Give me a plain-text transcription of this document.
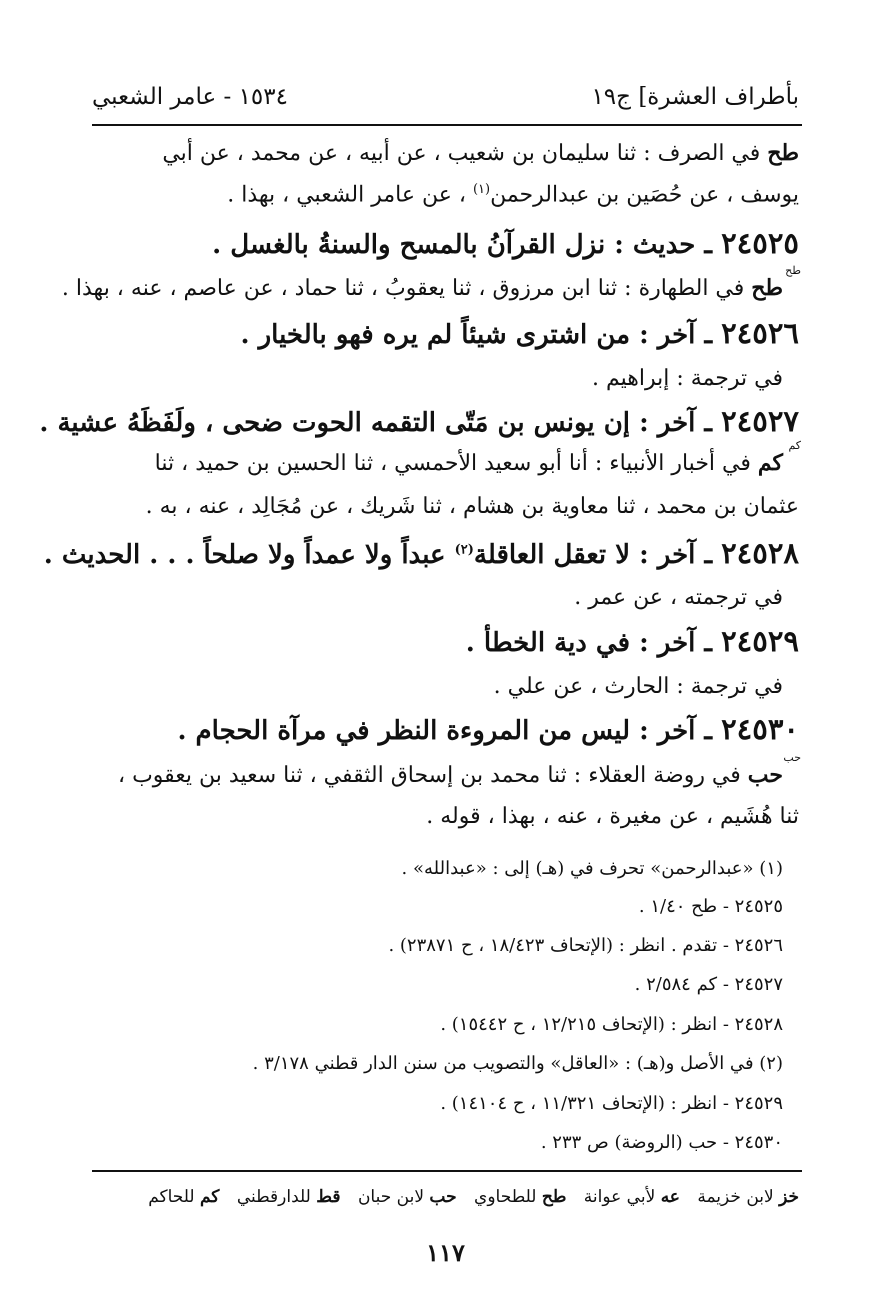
بأطراف العشرة] ج١٩
١٥٣٤ - عامر الشعبي
طح في الصرف : ثنا سليمان بن شعيب ، عن أبيه ، عن محمد ، عن أبي
يوسف ، عن حُصَين بن عبدالرحمن$^{(١)}$ ، عن عامر الشعبي ، بهذا .
٢٤٥٢٥ ـ حديث : نزل القرآنُ بالمسح والسنةُ بالغسل .
طح
طح في الطهارة : ثنا ابن مرزوق ، ثنا يعقوبُ ، ثنا حماد ، عن عاصم ، عنه ، بهذا .
٢٤٥٢٦ ـ آخر : من اشترى شيئاً لم يره فهو بالخيار .
في ترجمة : إبراهيم .
٢٤٥٢٧ ـ آخر : إن يونس بن مَتّى التقمه الحوت ضحى ، ولَفَظَهُ عشية .
كم
كم في أخبار الأنبياء : أنا أبو سعيد الأحمسي ، ثنا الحسين بن حميد ، ثنا
عثمان بن محمد ، ثنا معاوية بن هشام ، ثنا شَريك ، عن مُجَالِد ، عنه ، به .
٢٤٥٢٨ ـ آخر : لا تعقل العاقلة$^{(٢)}$ عبداً ولا عمداً ولا صلحاً . . . الحديث .
في ترجمته ، عن عمر .
٢٤٥٢٩ ـ آخر : في دية الخطأ .
في ترجمة : الحارث ، عن علي .
٢٤٥٣٠ ـ آخر : ليس من المروءة النظر في مرآة الحجام .
حب
حب في روضة العقلاء : ثنا محمد بن إسحاق الثقفي ، ثنا سعيد بن يعقوب ،
ثنا هُشَيم ، عن مغيرة ، عنه ، بهذا ، قوله .
(١) «عبدالرحمن» تحرف في (هـ) إلى : «عبدالله» .
٢٤٥٢٥ - طح ١/٤٠ .
٢٤٥٢٦ - تقدم . انظر : (الإتحاف ١٨/٤٢٣ ، ح ٢٣٨٧١) .
٢٤٥٢٧ - كم ٢/٥٨٤ .
٢٤٥٢٨ - انظر : (الإتحاف ١٢/٢١٥ ، ح ١٥٤٤٢) .
(٢) في الأصل و(هـ) : «العاقل» والتصويب من سنن الدار قطني ٣/١٧٨ .
٢٤٥٢٩ - انظر : (الإتحاف ١١/٣٢١ ، ح ١٤١٠٤) .
٢٤٥٣٠ - حب (الروضة) ص ٢٣٣ .
خز لابن خزيمة عه لأبي عوانة طح للطحاوي حب لابن حبان قط للدارقطني كم للحاكم
١١٧
